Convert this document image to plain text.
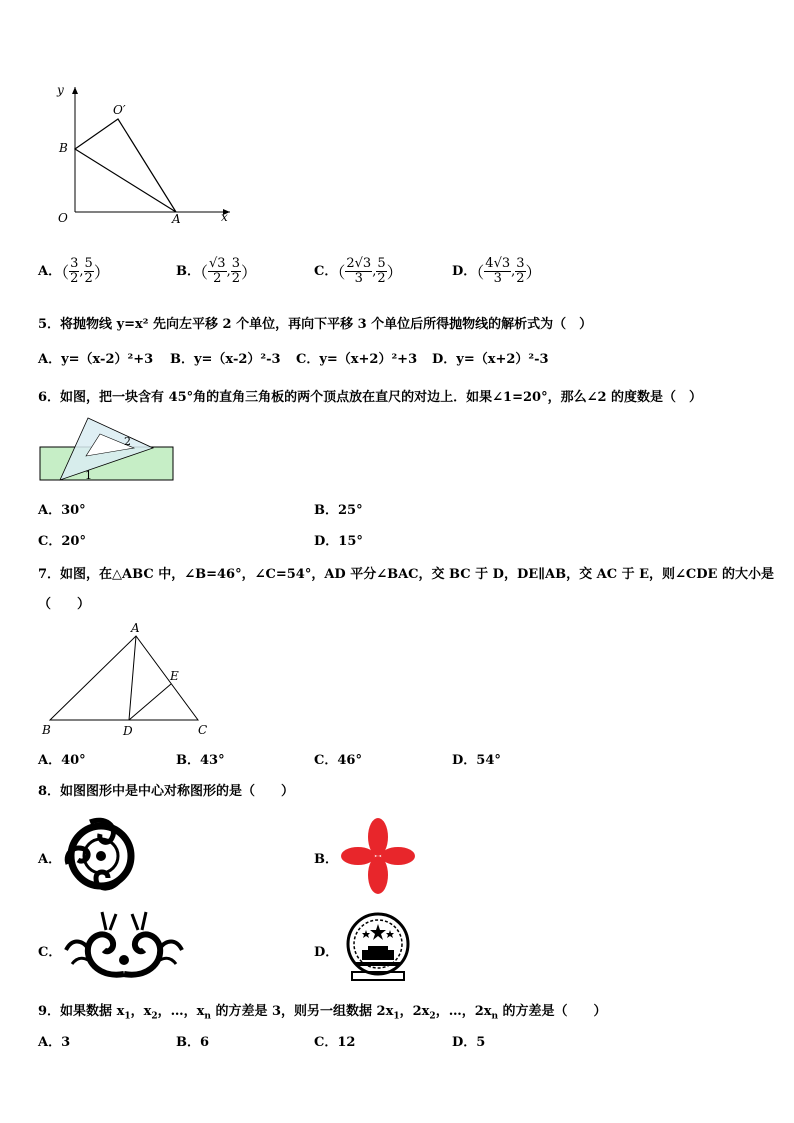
y
x
O′
B
O	A
A．（ $\frac{3}{2}$ , $\frac{5}{2}$ ）	B．（ $\frac{√3}{2}$ , $\frac{3}{2}$ ）	C．（ $\frac{2√3}{3}$ , $\frac{5}{2}$ ）	D．（ $\frac{4√3}{3}$ , $\frac{3}{2}$ ）
5．将抛物线 y=x² 先向左平移 2 个单位，再向下平移 3 个单位后所得抛物线的解析式为（　）
A．y=（x-2）²+3 B．y=（x-2）²-3 C．y=（x+2）²+3 D．y=（x+2）²-3
6．如图，把一块含有 45°角的直角三角板的两个顶点放在直尺的对边上．如果∠1=20°，那么∠2 的度数是（　）
2
1
A．30°	B．25°
C．20°	D．15°
7．如图，在△ABC 中，∠B=46°，∠C=54°，AD 平分∠BAC，交 BC 于 D，DE∥AB，交 AC 于 E，则∠CDE 的大小是
（　　）
A
B	C
D
E
A．40°	B．43°	C．46°	D．54°
8．如图图形中是中心对称图形的是（　　）
A．	B．
C．	D．
9．如果数据 $x_1$，$x_2$，…，$x_n$ 的方差是 3，则另一组数据 $2x_1$，$2x_2$，…，$2x_n$ 的方差是（　　）
A．3	B．6	C．12	D．5
